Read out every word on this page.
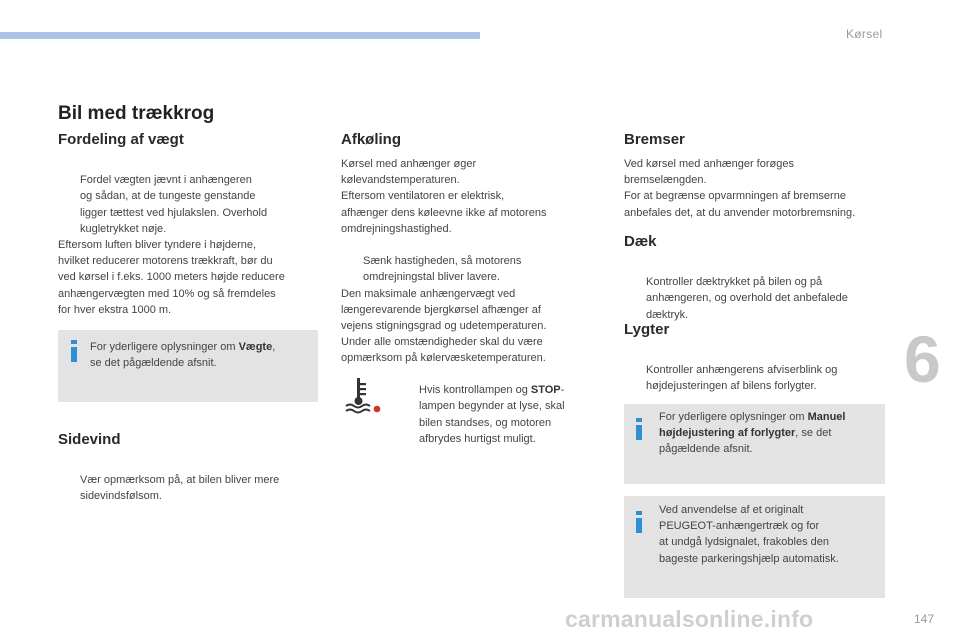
Kørsel
6
Bil med trækkrog
Fordeling af vægt

Fordel vægten jævnt i anhængeren
og sådan, at de tungeste genstande
ligger tættest ved hjulakslen. Overhold
kugletrykket nøje.

Eftersom luften bliver tyndere i højderne,
hvilket reducerer motorens trækkraft, bør du
ved kørsel i f.eks. 1000 meters højde reducere
anhængervægten med 10% og så fremdeles
for hver ekstra 1000 m.
For yderligere oplysninger om Vægte,
se det pågældende afsnit.
Sidevind

Vær opmærksom på, at bilen bliver mere
sidevindsfølsom.

Afkøling
Kørsel med anhænger øger
kølevandstemperaturen.
Eftersom ventilatoren er elektrisk,
afhænger dens køleevne ikke af motorens
omdrejningshastighed.

Sænk hastigheden, så motorens
omdrejningstal bliver lavere.

Den maksimale anhængervægt ved
længerevarende bjergkørsel afhænger af
vejens stigningsgrad og udetemperaturen.
Under alle omstændigheder skal du være
opmærksom på kølervæsketemperaturen.

Hvis kontrollampen og STOP-
lampen begynder at lyse, skal
bilen standses, og motoren
afbrydes hurtigst muligt.

Bremser
Ved kørsel med anhænger forøges
bremselængden.
For at begrænse opvarmningen af bremserne
anbefales det, at du anvender motorbremsning.
Dæk

Kontroller dæktrykket på bilen og på
anhængeren, og overhold det anbefalede
dæktryk.

Lygter

Kontroller anhængerens afviserblink og
højdejusteringen af bilens forlygter.

For yderligere oplysninger om Manuel
højdejustering af forlygter, se det
pågældende afsnit.
Ved anvendelse af et originalt
PEUGEOT-anhængertræk og for
at undgå lydsignalet, frakobles den
bageste parkeringshjælp automatisk.
carmanualsonline.info	147
